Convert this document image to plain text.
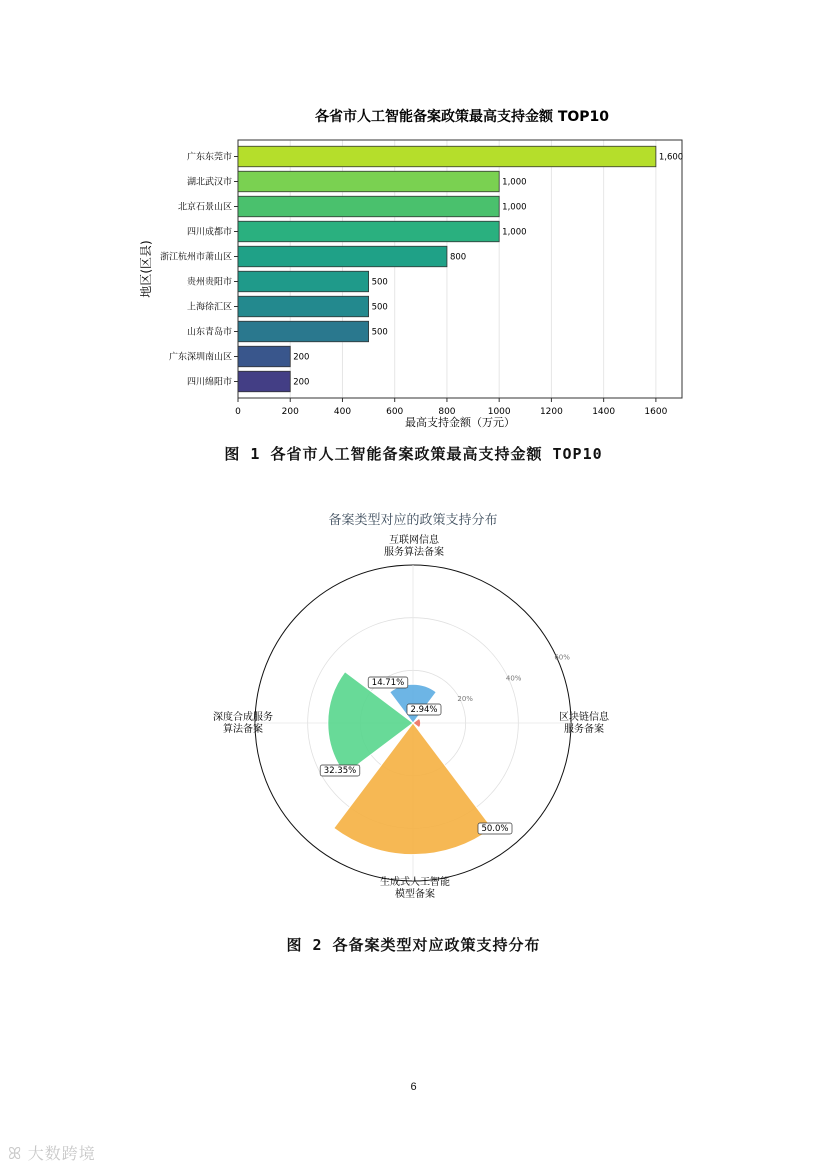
各省市人工智能备案政策最高支持金额 TOP10
1,600
1,000
1,000
1,000
800
500
500
500
200
200
0	200	400	600	800	1000	1200	1400	1600
广东东莞市
湖北武汉市
北京石景山区
四川成都市
浙江杭州市萧山区
贵州贵阳市
上海徐汇区
山东青岛市
广东深圳南山区
四川绵阳市
最高支持金额（万元）
地区(区县)
图 1 各省市人工智能备案政策最高支持金额 TOP10
备案类型对应的政策支持分布
20%
40%
60%
互联网信息服务算法备案
区块链信息服务备案
生成式人工智能模型备案
深度合成服务算法备案
14.71%
2.94%
50.0%
32.35%
图 2 各备案类型对应政策支持分布
6
ꕤ 大数跨境
